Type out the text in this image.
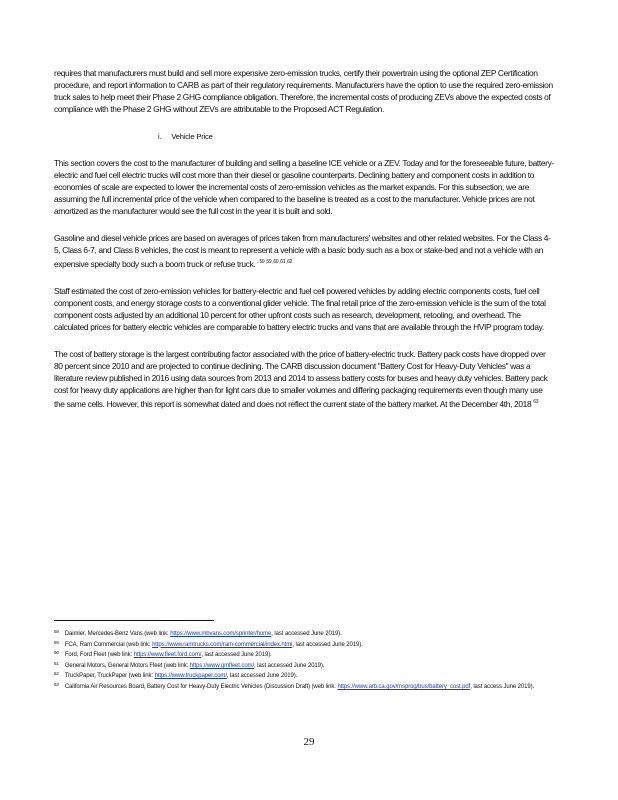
requires that manufacturers must build and sell more expensive zero-emission trucks, certify their powertrain using the optional ZEP Certification procedure, and report information to CARB as part of their regulatory requirements. Manufacturers have the option to use the required zero-emission truck sales to help meet their Phase 2 GHG compliance obligation. Therefore, the incremental costs of producing ZEVs above the expected costs of compliance with the Phase 2 GHG without ZEVs are attributable to the Proposed ACT Regulation.

i. Vehicle Price

This section covers the cost to the manufacturer of building and selling a baseline ICE vehicle or a ZEV. Today and for the foreseeable future, battery-electric and fuel cell electric trucks will cost more than their diesel or gasoline counterparts. Declining battery and component costs in addition to economies of scale are expected to lower the incremental costs of zero-emission vehicles as the market expands. For this subsection, we are assuming the full incremental price of the vehicle when compared to the baseline is treated as a cost to the manufacturer. Vehicle prices are not amortized as the manufacturer would see the full cost in the year it is built and sold.

Gasoline and diesel vehicle prices are based on averages of prices taken from manufacturers' websites and other related websites. For the Class 4-5, Class 6-7, and Class 8 vehicles, the cost is meant to represent a vehicle with a basic body such as a box or stake-bed and not a vehicle with an expensive specialty body such a boom truck or refuse truck. $^{. 59 ,59 ,60 ,61 ,62}$

Staff estimated the cost of zero-emission vehicles for battery-electric and fuel cell powered vehicles by adding electric components costs, fuel cell component costs, and energy storage costs to a conventional glider vehicle. The final retail price of the zero-emission vehicle is the sum of the total component costs adjusted by an additional 10 percent for other upfront costs such as research, development, retooling, and overhead. The calculated prices for battery electric vehicles are comparable to battery electric trucks and vans that are available through the HVIP program today.

The cost of battery storage is the largest contributing factor associated with the price of battery-electric truck. Battery pack costs have dropped over 80 percent since 2010 and are projected to continue declining. The CARB discussion document "Battery Cost for Heavy-Duty Vehicles" was a literature review published in 2016 using data sources from 2013 and 2014 to assess battery costs for buses and heavy duty vehicles. Battery pack cost for heavy duty applications are higher than for light cars due to smaller volumes and differing packaging requirements even though many use the same cells. However, this report is somewhat dated and does not reflect the current state of the battery market. At the December 4th, 2018 $^{63}$

$^{58}$ Daimler, Mercedes-Benz Vans (web link: https://www.mbvans.com/sprinter/home, last accessed June 2019).

$^{59}$ FCA, Ram Commercial (web link: https://www.ramtrucks.com/ram-commercial/index.html, last accessed June 2019).

$^{60}$ Ford, Ford Fleet (web link: https://www.fleet.ford.com/, last accessed June 2019).

$^{61}$ General Motors, General Motors Fleet (web link: https://www.gmfleet.com/, last accessed June 2019).

$^{62}$ TruckPaper, TruckPaper (web link: https://www.truckpaper.com/, last accessed June 2019).

$^{63}$ California Air Resources Board, Battery Cost for Heavy-Duty Electric Vehicles (Discussion Draft) (web link: https://www.arb.ca.gov/msprog/bus/battery_cost.pdf, last access June 2019).

29
